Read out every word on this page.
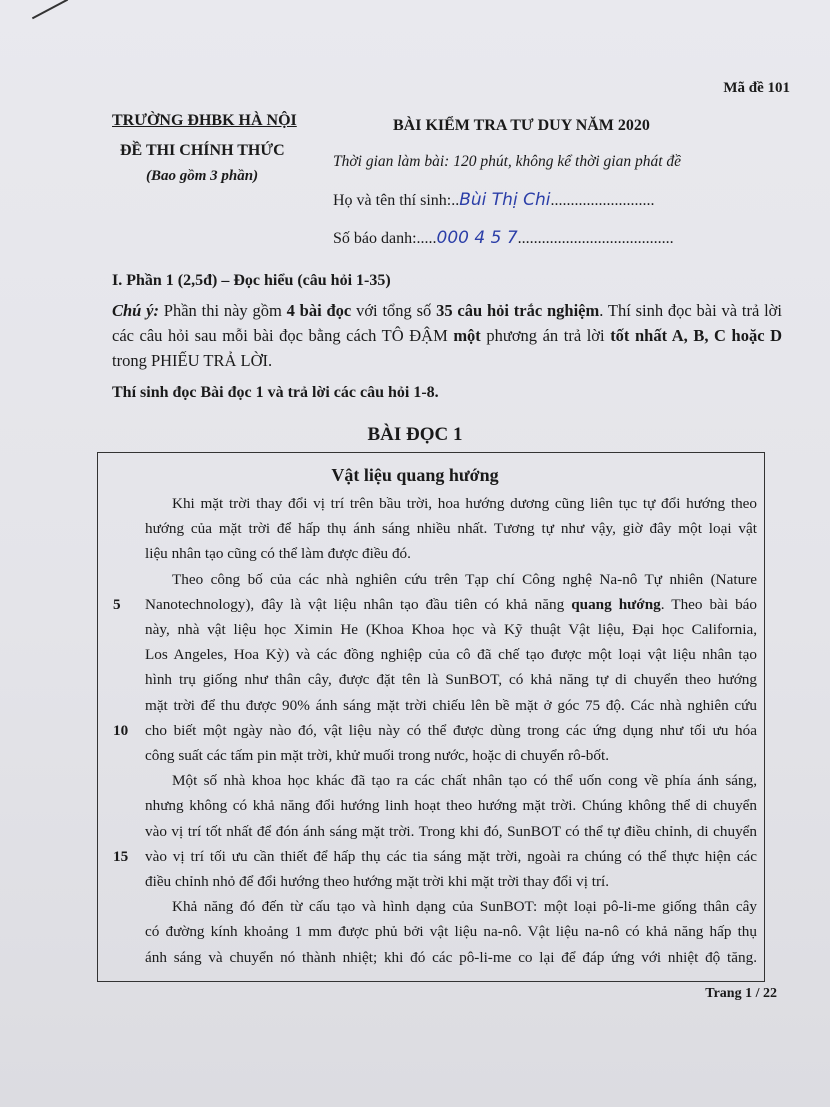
Mã đề 101
TRƯỜNG ĐHBK HÀ NỘI
ĐỀ THI CHÍNH THỨC
(Bao gồm 3 phần)
BÀI KIỂM TRA TƯ DUY NĂM 2020
Thời gian làm bài: 120 phút, không kể thời gian phát đề
Họ và tên thí sinh:..Bùi Thị Chi..........................
Số báo danh:.....000 4 5 7.......................................
I. Phần 1 (2,5đ) – Đọc hiểu (câu hỏi 1-35)
Chú ý: Phần thi này gồm 4 bài đọc với tổng số 35 câu hỏi trắc nghiệm. Thí sinh đọc bài và trả lời các câu hỏi sau mỗi bài đọc bằng cách TÔ ĐẬM một phương án trả lời tốt nhất A, B, C hoặc D trong PHIẾU TRẢ LỜI.
Thí sinh đọc Bài đọc 1 và trả lời các câu hỏi 1-8.
BÀI ĐỌC 1
Vật liệu quang hướng
Khi mặt trời thay đổi vị trí trên bầu trời, hoa hướng dương cũng liên tục tự đổi hướng theo
hướng của mặt trời để hấp thụ ánh sáng nhiều nhất. Tương tự như vậy, giờ đây một loại vật
liệu nhân tạo cũng có thể làm được điều đó.
Theo công bố của các nhà nghiên cứu trên Tạp chí Công nghệ Na-nô Tự nhiên (Nature
Nanotechnology), đây là vật liệu nhân tạo đầu tiên có khả năng quang hướng. Theo bài báo
này, nhà vật liệu học Ximin He (Khoa Khoa học và Kỹ thuật Vật liệu, Đại học California,
Los Angeles, Hoa Kỳ) và các đồng nghiệp của cô đã chế tạo được một loại vật liệu nhân tạo
hình trụ giống như thân cây, được đặt tên là SunBOT, có khả năng tự di chuyển theo hướng
mặt trời để thu được 90% ánh sáng mặt trời chiếu lên bề mặt ở góc 75 độ. Các nhà nghiên cứu
cho biết một ngày nào đó, vật liệu này có thể được dùng trong các ứng dụng như tối ưu hóa
công suất các tấm pin mặt trời, khử muối trong nước, hoặc di chuyển rô-bốt.
Một số nhà khoa học khác đã tạo ra các chất nhân tạo có thể uốn cong về phía ánh sáng,
nhưng không có khả năng đổi hướng linh hoạt theo hướng mặt trời. Chúng không thể di chuyển
vào vị trí tốt nhất để đón ánh sáng mặt trời. Trong khi đó, SunBOT có thể tự điều chỉnh, di chuyển
vào vị trí tối ưu cần thiết để hấp thụ các tia sáng mặt trời, ngoài ra chúng có thể thực hiện các
điều chỉnh nhỏ để đổi hướng theo hướng mặt trời khi mặt trời thay đổi vị trí.
Khả năng đó đến từ cấu tạo và hình dạng của SunBOT: một loại pô-li-me giống thân cây
có đường kính khoảng 1 mm được phủ bởi vật liệu na-nô. Vật liệu na-nô có khả năng hấp thụ
ánh sáng và chuyển nó thành nhiệt; khi đó các pô-li-me co lại để đáp ứng với nhiệt độ tăng.
5
10
15
Trang 1 / 22
